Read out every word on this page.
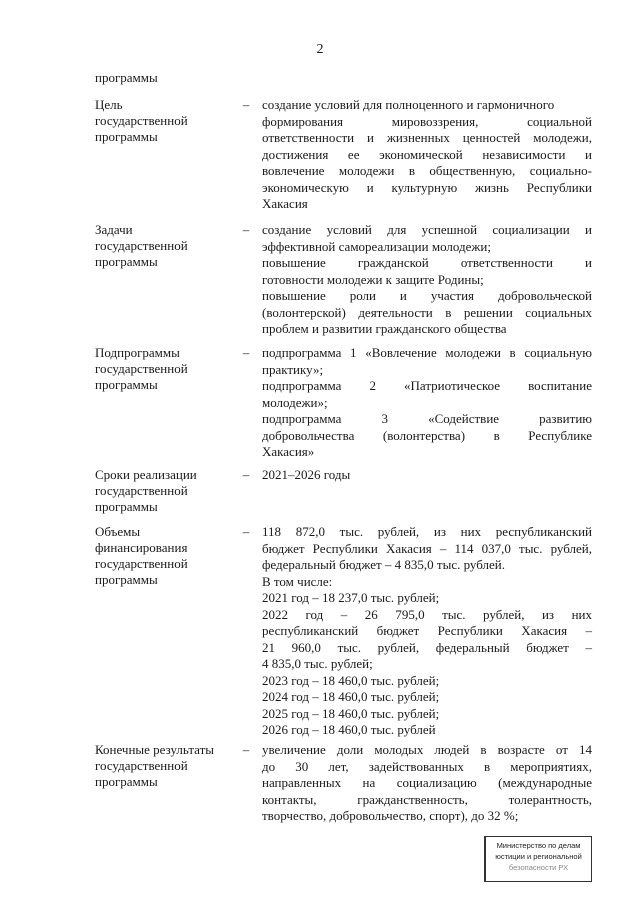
2
программы
Цель
государственной
программы
– создание условий для полноценного и гармоничного
формирования мировоззрения, социальной
ответственности и жизненных ценностей молодежи,
достижения ее экономической независимости и
вовлечение молодежи в общественную, социально-
экономическую и культурную жизнь Республики
Хакасия
Задачи
государственной
программы
– создание условий для успешной социализации и
эффективной самореализации молодежи;
повышение гражданской ответственности и
готовности молодежи к защите Родины;
повышение роли и участия добровольческой
(волонтерской) деятельности в решении социальных
проблем и развитии гражданского общества
Подпрограммы
государственной
программы
– подпрограмма 1 «Вовлечение молодежи в социальную
практику»;
подпрограмма 2 «Патриотическое воспитание
молодежи»;
подпрограмма 3 «Содействие развитию
добровольчества (волонтерства) в Республике
Хакасия»
Сроки реализации
государственной
программы
– 2021–2026 годы
Объемы
финансирования
государственной
программы
– 118 872,0 тыс. рублей, из них республиканский
бюджет Республики Хакасия – 114 037,0 тыс. рублей,
федеральный бюджет – 4 835,0 тыс. рублей.
В том числе:
2021 год – 18 237,0 тыс. рублей;
2022 год – 26 795,0 тыс. рублей, из них
республиканский бюджет Республики Хакасия –
21 960,0 тыс. рублей, федеральный бюджет –
4 835,0 тыс. рублей;
2023 год – 18 460,0 тыс. рублей;
2024 год – 18 460,0 тыс. рублей;
2025 год – 18 460,0 тыс. рублей;
2026 год – 18 460,0 тыс. рублей
Конечные результаты
государственной
программы
– увеличение доли молодых людей в возрасте от 14
до 30 лет, задействованных в мероприятиях,
направленных на социализацию (международные
контакты, гражданственность, толерантность,
творчество, добровольчество, спорт), до 32 %;
Министерство по делам
юстиции и региональной
безопасности РХ
